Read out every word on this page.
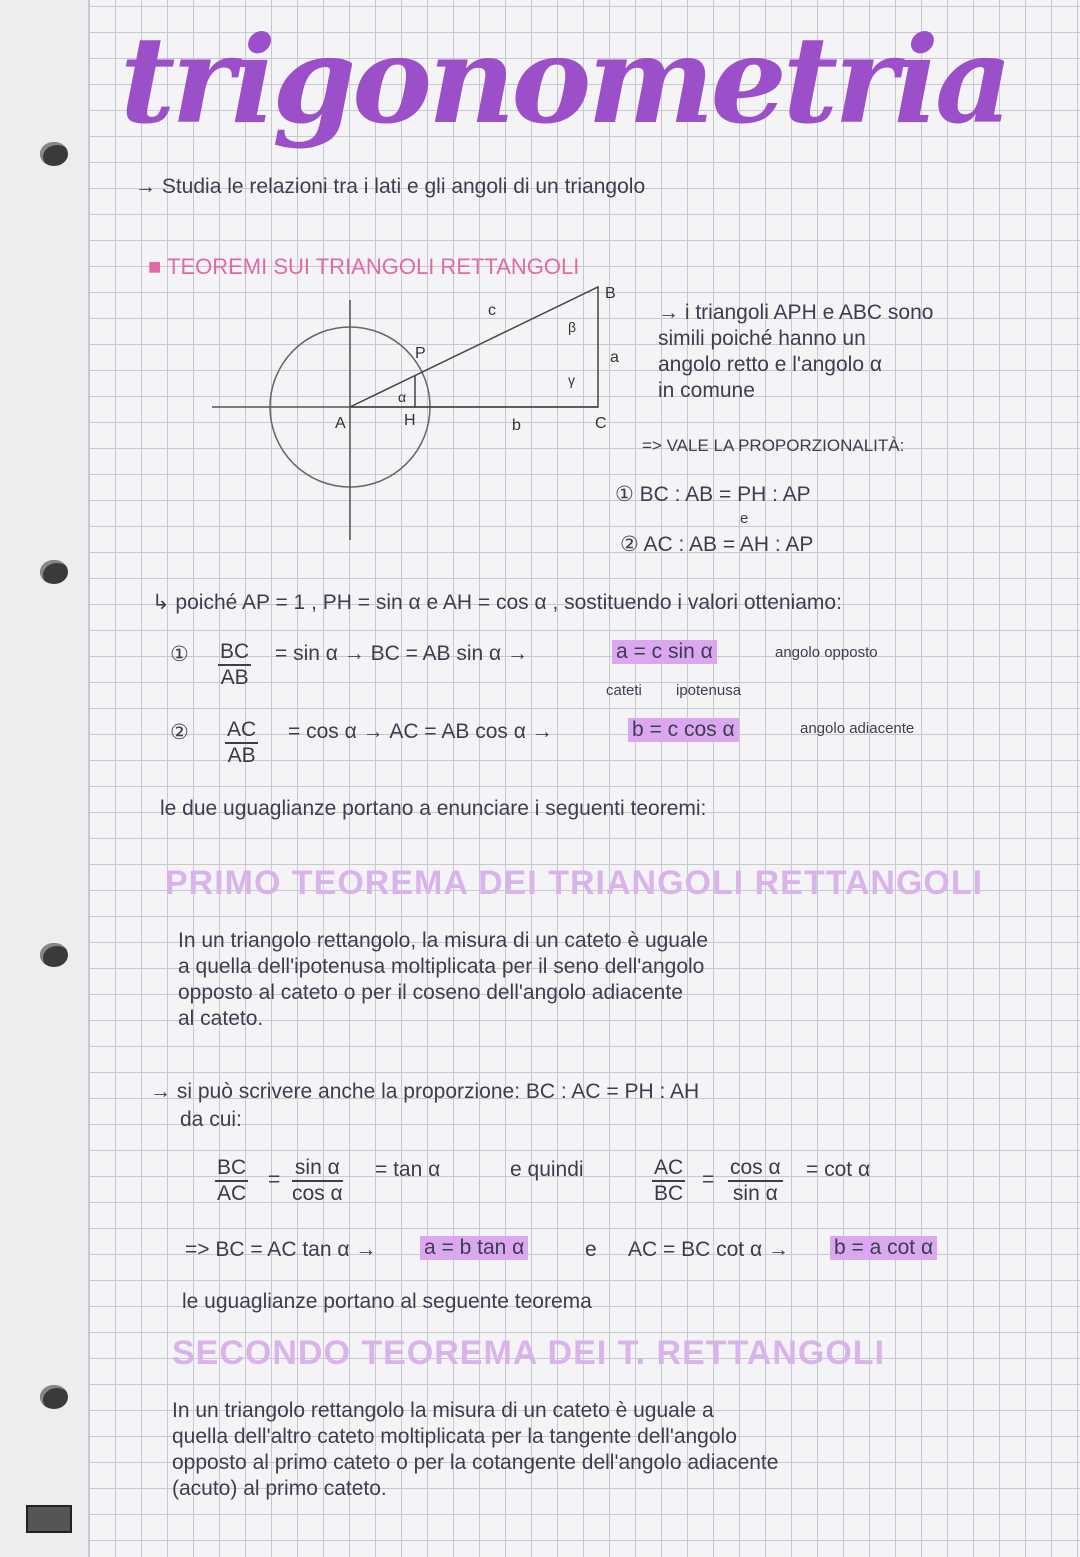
trigonometria
→ Studia le relazioni tra i lati e gli angoli di un triangolo
■ TEOREMI SUI TRIANGOLI RETTANGOLI
A
B
C
P
H
a
b
c
α
β
γ
→ i triangoli APH e ABC sono
simili poiché hanno un
angolo retto e l'angolo α
in comune
=> VALE LA PROPORZIONALITÀ:
① BC : AB = PH : AP
e
② AC : AB = AH : AP
↳ poiché AP = 1 , PH = sin α e AH = cos α , sostituendo i valori otteniamo:
① $\frac{BC}{AB} = \sin \alpha$ → BC = AB sin α →	a = c sin α	angolo opposto
cateti ipotenusa
② $\frac{AC}{AB} = \cos \alpha$ → AC = AB cos α →	b = c cos α	angolo adiacente
le due uguaglianze portano a enunciare i seguenti teoremi:
PRIMO TEOREMA DEI TRIANGOLI RETTANGOLI
In un triangolo rettangolo, la misura di un cateto è uguale
a quella dell'ipotenusa moltiplicata per il seno dell'angolo
opposto al cateto o per il coseno dell'angolo adiacente
al cateto.
→ si può scrivere anche la proporzione: BC : AC = PH : AH
da cui:
$\frac{BC}{AC} = \frac{\text{sin α}}{\text{cos α}} = \tan \alpha$	e quindi	$\frac{AC}{BC} = \frac{\text{cos α}}{\text{sin α}} = \cot \alpha$
=> BC = AC tan α → a = b tan α	e AC = BC cot α → b = a cot α
le uguaglianze portano al seguente teorema
SECONDO TEOREMA DEI T. RETTANGOLI
In un triangolo rettangolo la misura di un cateto è uguale a
quella dell'altro cateto moltiplicata per la tangente dell'angolo
opposto al primo cateto o per la cotangente dell'angolo adiacente
(acuto) al primo cateto.
